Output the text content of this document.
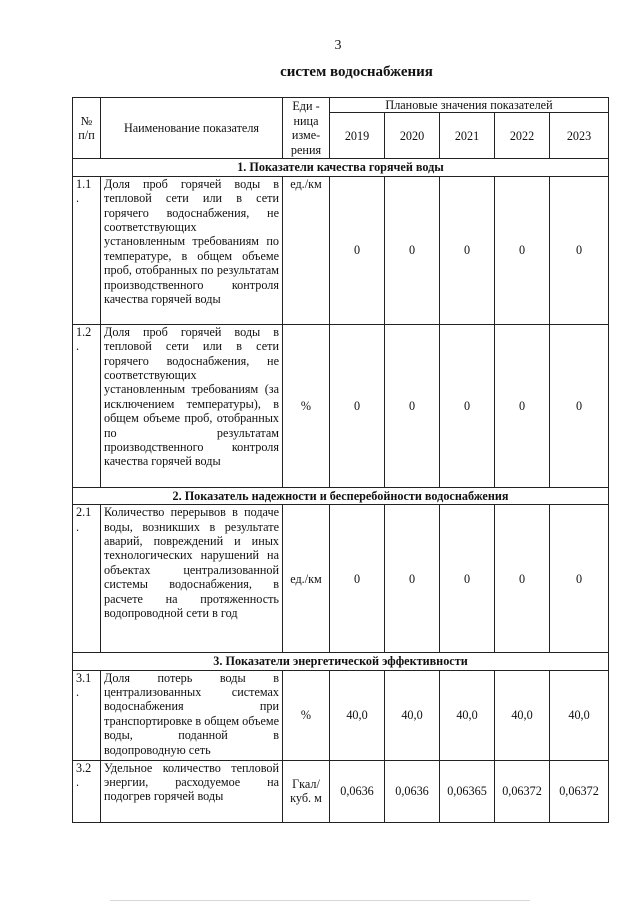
3
систем водоснабжения
№ п/п	Наименование показателя	Еди - ница изме- рения	Плановые значения показателей				
			2019	2020	2021	2022	2023
1. Показатели качества горячей воды							
1.1 .	Доля проб горячей воды в тепловой сети или в сети горячего водоснабжения, не соответствующих установленным требованиям по температуре, в общем объеме проб, отобранных по результатам производственного контроля качества горячей воды	ед./км	0	0	0	0	0
1.2 .	Доля проб горячей воды в тепловой сети или в сети горячего водоснабжения, не соответствующих установленным требованиям (за исключением температуры), в общем объеме проб, отобранных по результатам производственного контроля качества горячей воды	%	0	0	0	0	0
2. Показатель надежности и бесперебойности водоснабжения							
2.1 .	Количество перерывов в подаче воды, возникших в результате аварий, повреждений и иных технологических нарушений на объектах централизованной системы водоснабжения, в расчете на протяженность водопроводной сети в год	ед./км	0	0	0	0	0
3. Показатели энергетической эффективности							
3.1 .	Доля потерь воды в централизованных системах водоснабжения при транспортировке в общем объеме воды, поданной в водопроводную сеть	%	40,0	40,0	40,0	40,0	40,0
3.2 .	Удельное количество тепловой энергии, расходуемое на подогрев горячей воды	Гкал/ куб. м	0,0636	0,0636	0,06365	0,06372	0,06372
